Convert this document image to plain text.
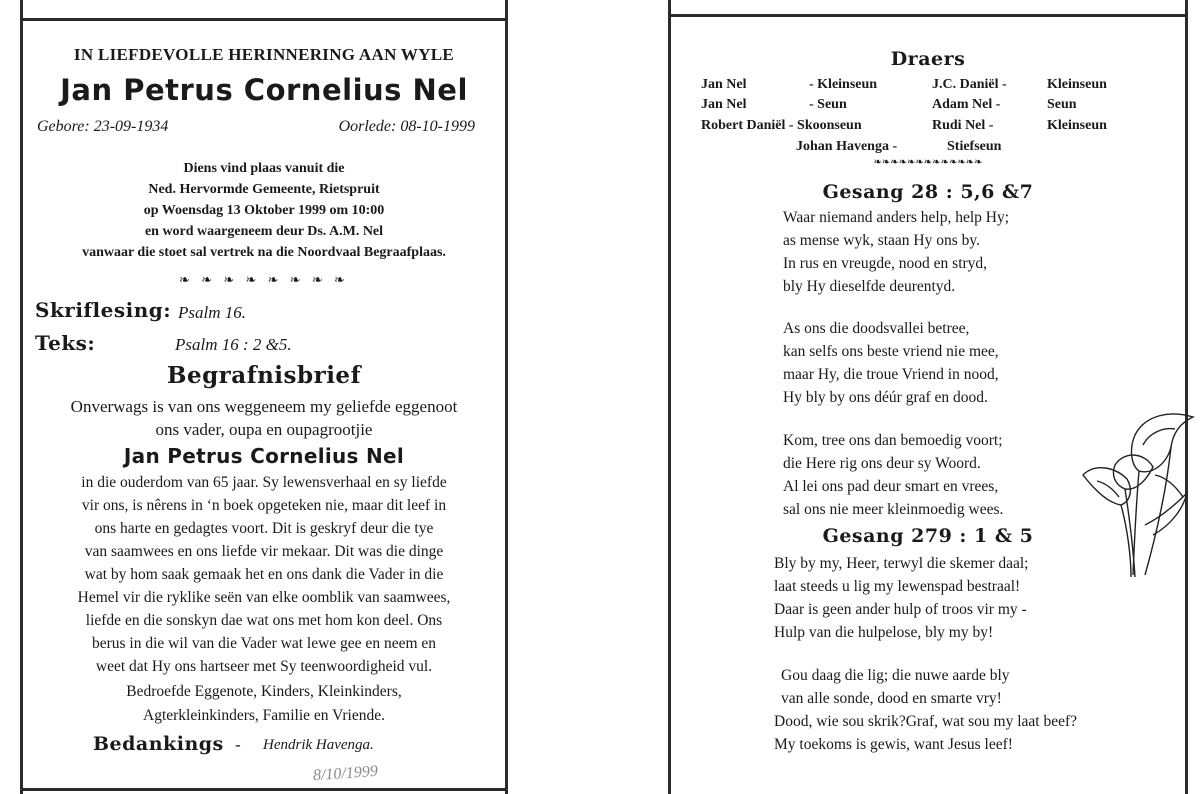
IN LIEFDEVOLLE HERINNERING AAN WYLE
Jan Petrus Cornelius Nel
Gebore: 23-09-1934	Oorlede: 08-10-1999
Diens vind plaas vanuit die
Ned. Hervormde Gemeente, Rietspruit
op Woensdag 13 Oktober 1999 om 10:00
en word waargeneem deur Ds. A.M. Nel
vanwaar die stoet sal vertrek na die Noordvaal Begraafplaas.
❧ ❧ ❧ ❧ ❧ ❧ ❧ ❧
Skriflesing: Psalm 16.
Teks:	Psalm 16 : 2 &5.
Begrafnisbrief
Onverwags is van ons weggeneem my geliefde eggenoot
ons vader, oupa en oupagrootjie
Jan Petrus Cornelius Nel
in die ouderdom van 65 jaar. Sy lewensverhaal en sy liefde
vir ons, is nêrens in ‘n boek opgeteken nie, maar dit leef in
ons harte en gedagtes voort. Dit is geskryf deur die tye
van saamwees en ons liefde vir mekaar. Dit was die dinge
wat by hom saak gemaak het en ons dank die Vader in die
Hemel vir die ryklike seën van elke oomblik van saamwees,
liefde en die sonskyn dae wat ons met hom kon deel. Ons
berus in die wil van die Vader wat lewe gee en neem en
weet dat Hy ons hartseer met Sy teenwoordigheid vul.
Bedroefde Eggenote, Kinders, Kleinkinders,
Agterkleinkinders, Familie en Vriende.
Bedankings - Hendrik Havenga.
8/10/1999
Draers
Jan Nel	- Kleinseun	J.C. Daniël -	Kleinseun
Jan Nel	- Seun	Adam Nel -	Seun
Robert Daniël - Skoonseun	Rudi Nel -	Kleinseun
Johan Havenga -	Stiefseun
❧❧❧❧❧❧❧❧❧❧❧❧❧
Gesang 28 : 5,6 &7
Waar niemand anders help, help Hy;
as mense wyk, staan Hy ons by.
In rus en vreugde, nood en stryd,
bly Hy dieselfde deurentyd.
As ons die doodsvallei betree,
kan selfs ons beste vriend nie mee,
maar Hy, die troue Vriend in nood,
Hy bly by ons déúr graf en dood.
Kom, tree ons dan bemoedig voort;
die Here rig ons deur sy Woord.
Al lei ons pad deur smart en vrees,
sal ons nie meer kleinmoedig wees.
Gesang 279 : 1 & 5
Bly by my, Heer, terwyl die skemer daal;
laat steeds u lig my lewenspad bestraal!
Daar is geen ander hulp of troos vir my -
Hulp van die hulpelose, bly my by!
Gou daag die lig; die nuwe aarde bly
van alle sonde, dood en smarte vry!
Dood, wie sou skrik?Graf, wat sou my laat beef?
My toekoms is gewis, want Jesus leef!
